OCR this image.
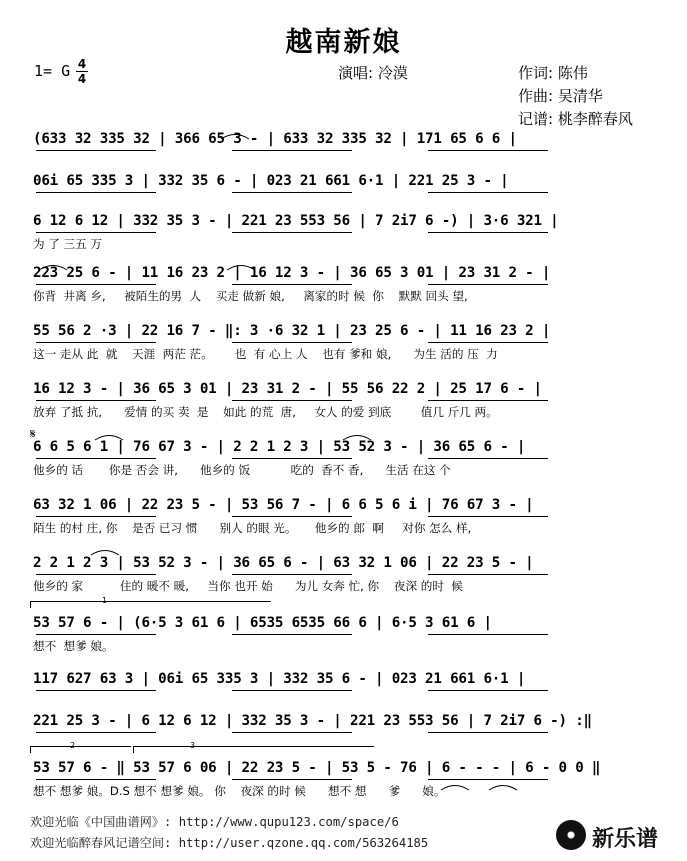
越南新娘
1= G 4
4	演唱: 冷漠	作词: 陈伟
作曲: 吴清华
记谱: 桃李醉春风
(633 32 335 32 | 366 65 3 - | 633 32 335 32 | 171 65 6 6 |
06i 65 335 3 | 332 35 6 - | 023 21 661 6·1 | 221 25 3 - |
6 12 6 12 | 332 35 3 - | 221 23 553 56 | 7 2i7 6 -) | 3·6 321 |
为 了 三五 万
223 25 6 - | 11 16 23 2 | 16 12 3 - | 36 65 3 01 | 23 31 2 - |
你背  井离 乡,     被陌生的男  人    买走 做新 娘,     离家的时 候  你    默默 回头 望,
55 56 2 ·3 | 22 16 7 - ‖: 3 ·6 32 1 | 23 25 6 - | 11 16 23 2 |
这一 走从 此  就    天涯  两茫 茫。      也  有 心上 人    也有 爹和 娘,      为生 活的 压  力
16 12 3 - | 36 65 3 01 | 23 31 2 - | 55 56 22 2 | 25 17 6 - |
放弃 了抵 抗,      爱情 的买 卖  是    如此 的荒  唐,     女人 的爱 到底        值几 斤几 两。
6 6 5 6 1 | 76 67 3 - | 2 2 1 2 3 | 53 52 3 - | 36 65 6 - |
他乡的 话       你是 否会 讲,      他乡的 饭           吃的  香不 香,      生活 在这 个
63 32 1 06 | 22 23 5 - | 53 56 7 - | 6 6 5 6 i | 76 67 3 - |
陌生 的村 庄, 你    是否 已习 惯      别人 的眼 光。     他乡的 郎  啊     对你 怎么 样,
2 2 1 2 3 | 53 52 3 - | 36 65 6 - | 63 32 1 06 | 22 23 5 - |
他乡的 家          住的 暖不 暖,     当你 也开 始      为儿 女奔 忙, 你    夜深 的时  候
53 57 6 - | (6·5 3 61 6 | 6535 6535 66 6 | 6·5 3 61 6 |
想不  想爹 娘。
117 627 63 3 | 06i 65 335 3 | 332 35 6 - | 023 21 661 6·1 |
221 25 3 - | 6 12 6 12 | 332 35 3 - | 221 23 553 56 | 7 2i7 6 -) :‖
53 57 6 - ‖ 53 57 6 06 | 22 23 5 - | 53 5 - 76 | 6 - - - | 6 - 0 0 ‖
想不 想爹 娘。D.S 想不 想爹 娘。 你    夜深 的时 候      想不 想      爹      娘。
1
2	3
𝄋
欢迎光临《中国曲谱网》: http://www.qupu123.com/space/6
欢迎光临醉春风记谱空间: http://user.qzone.qq.com/563264185	新乐谱
